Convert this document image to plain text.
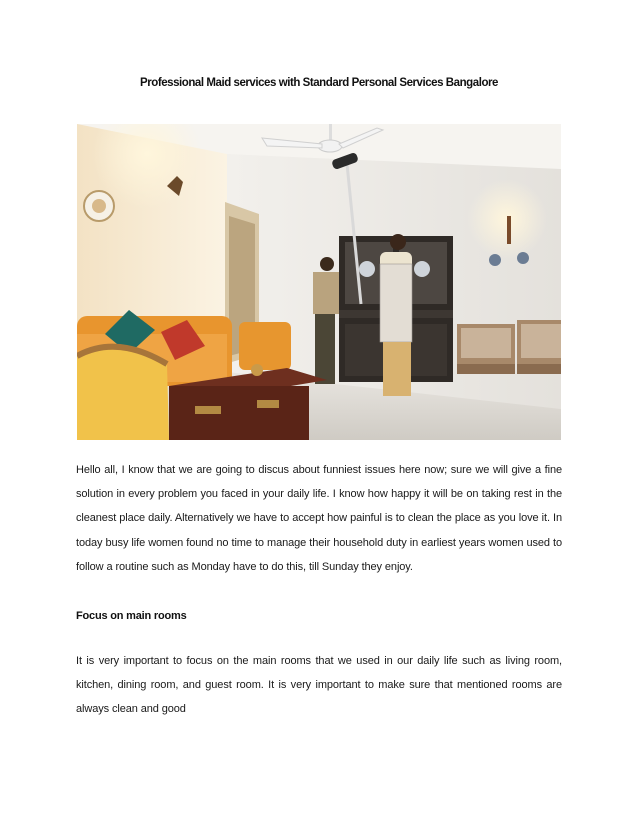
Professional Maid services with Standard Personal Services Bangalore

Hello all, I know that we are going to discus about funniest issues here now; sure we will give a fine solution in every problem you faced in your daily life. I know how happy it will be on taking rest in the cleanest place daily. Alternatively we have to accept how painful is to clean the place as you love it. In today busy life women found no time to manage their household duty in earliest years women used to follow a routine such as Monday have to do this, till Sunday they enjoy.

Focus on main rooms

It is very important to focus on the main rooms that we used in our daily life such as living room, kitchen, dining room, and guest room. It is very important to make sure that mentioned rooms are always clean and good
